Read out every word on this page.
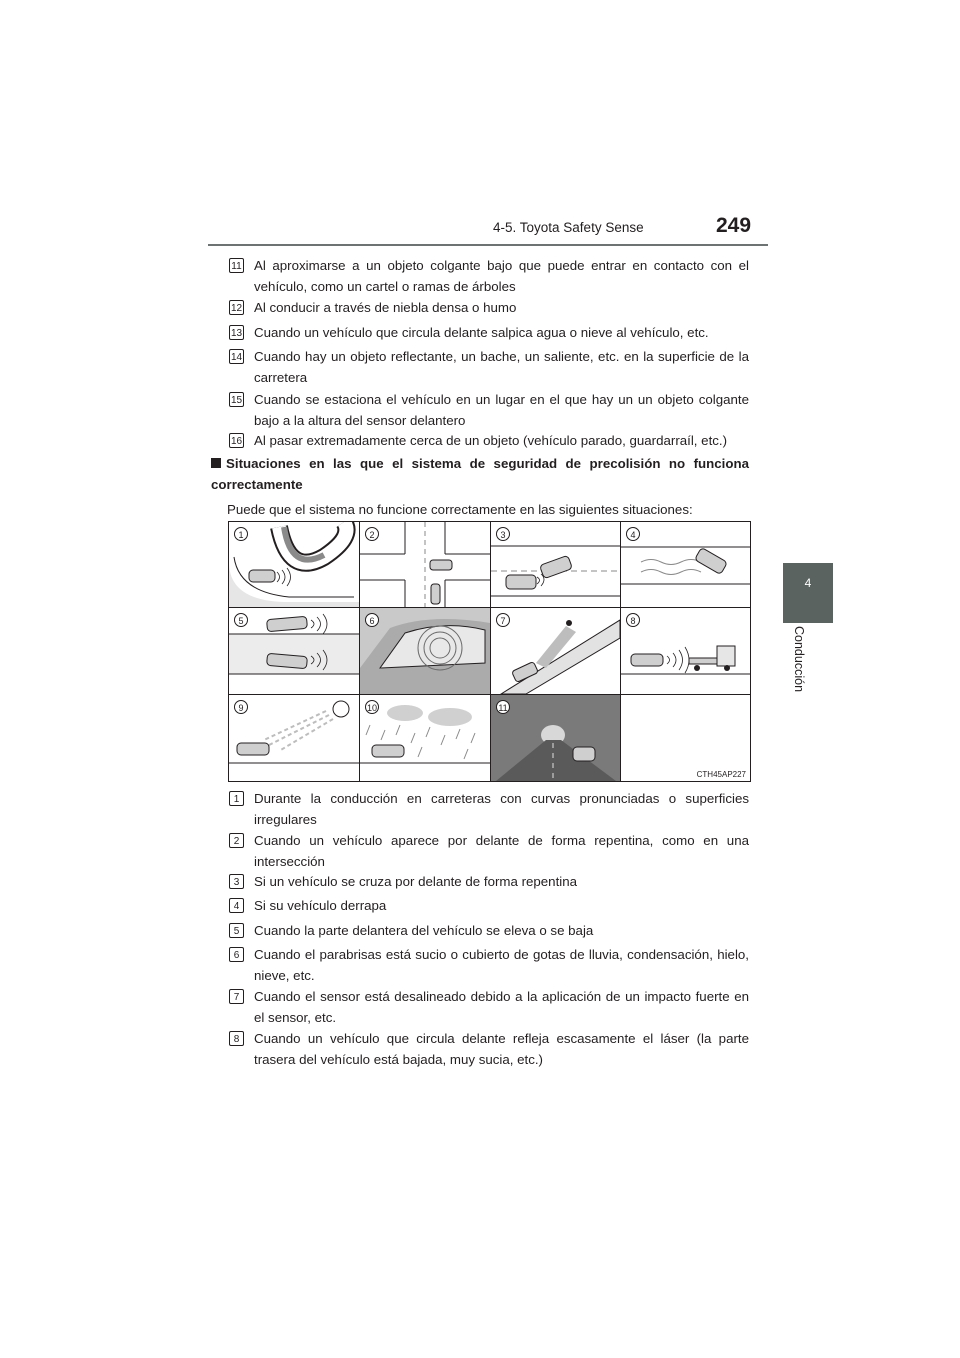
4-5. Toyota Safety Sense	249
4
Conducción
11 Al aproximarse a un objeto colgante bajo que puede entrar en contacto con el vehículo, como un cartel o ramas de árboles
12 Al conducir a través de niebla densa o humo
13 Cuando un vehículo que circula delante salpica agua o nieve al vehículo, etc.
14 Cuando hay un objeto reflectante, un bache, un saliente, etc. en la superficie de la carretera
15 Cuando se estaciona el vehículo en un lugar en el que hay un un objeto colgante bajo a la altura del sensor delantero
16 Al pasar extremadamente cerca de un objeto (vehículo parado, guardarraíl, etc.)
Situaciones en las que el sistema de seguridad de precolisión no funciona correctamente
Puede que el sistema no funcione correctamente en las siguientes situaciones:
1	2	3	4
5	6	7	8
9	10	11
CTH45AP227
1	Durante la conducción en carreteras con curvas pronunciadas o superficies irregulares
2	Cuando un vehículo aparece por delante de forma repentina, como en una intersección
3	Si un vehículo se cruza por delante de forma repentina
4	Si su vehículo derrapa
5	Cuando la parte delantera del vehículo se eleva o se baja
6	Cuando el parabrisas está sucio o cubierto de gotas de lluvia, condensación, hielo, nieve, etc.
7	Cuando el sensor está desalineado debido a la aplicación de un impacto fuerte en el sensor, etc.
8	Cuando un vehículo que circula delante refleja escasamente el láser (la parte trasera del vehículo está bajada, muy sucia, etc.)
